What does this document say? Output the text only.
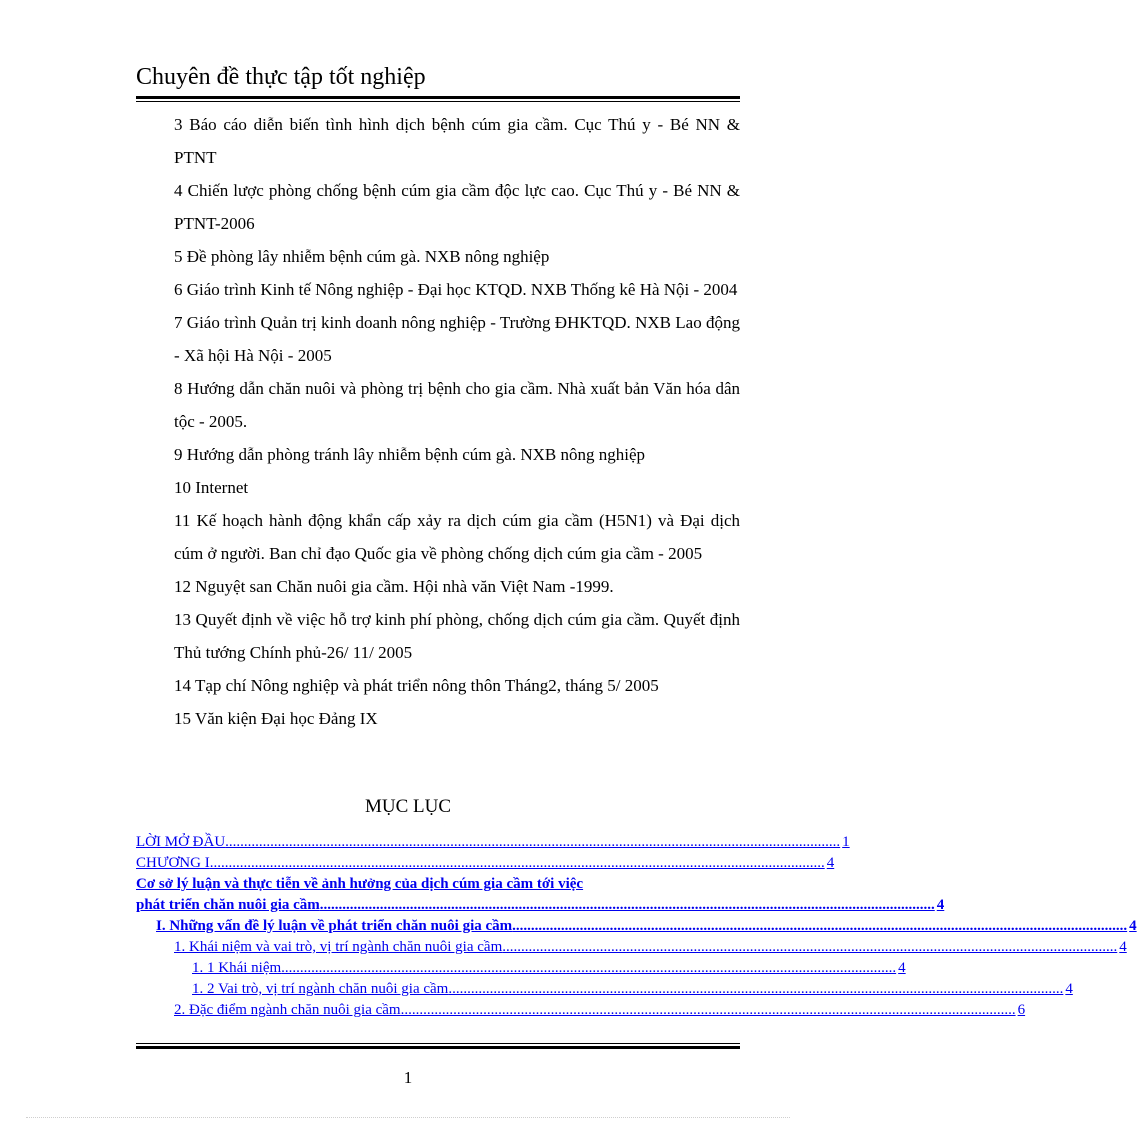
Chuyên đề thực tập tốt nghiệp

3 Báo cáo diễn biến tình hình dịch bệnh cúm gia cầm. Cục Thú y - Bé NN & PTNT

4 Chiến lược phòng chống bệnh cúm gia cầm độc lực cao. Cục Thú y - Bé NN & PTNT-2006

5 Đề phòng lây nhiễm bệnh cúm gà. NXB nông nghiệp

6 Giáo trình Kinh tế Nông nghiệp - Đại học KTQD. NXB Thống kê Hà Nội - 2004

7 Giáo trình Quản trị kinh doanh nông nghiệp - Trường ĐHKTQD. NXB Lao động - Xã hội Hà Nội - 2005

8 Hướng dẫn chăn nuôi và phòng trị bệnh cho gia cầm. Nhà xuất bản Văn hóa dân tộc - 2005.

9 Hướng dẫn phòng tránh lây nhiễm bệnh cúm gà. NXB nông nghiệp

10 Internet

11 Kế hoạch hành động khẩn cấp xảy ra dịch cúm gia cầm (H5N1) và Đại dịch cúm ở người. Ban chỉ đạo Quốc gia về phòng chống dịch cúm gia cầm - 2005

12 Nguyệt san Chăn nuôi gia cầm. Hội nhà văn Việt Nam -1999.

13 Quyết định về việc hỗ trợ kinh phí phòng, chống dịch cúm gia cầm. Quyết định Thủ tướng Chính phủ-26/ 11/ 2005

14 Tạp chí Nông nghiệp và phát triển nông thôn Tháng2, tháng 5/ 2005

15 Văn kiện Đại học Đảng IX

MỤC LỤC
LỜI MỞ ĐẦU .................................................................................................................................................................... 1
CHƯƠNG I .................................................................................................................................................................... 4
Cơ sở lý luận và thực tiễn về ảnh hưởng của dịch cúm gia cầm tới việc
phát triển chăn nuôi gia cầm .................................................................................................................................................................... 4
I. Những vấn đề lý luận về phát triển chăn nuôi gia cầm .................................................................................................................................................................... 4
1. Khái niệm và vai trò, vị trí ngành chăn nuôi gia cầm .................................................................................................................................................................... 4
1. 1 Khái niệm .................................................................................................................................................................... 4
1. 2 Vai trò, vị trí ngành chăn nuôi gia cầm .................................................................................................................................................................... 4
2. Đặc điểm ngành chăn nuôi gia cầm .................................................................................................................................................................... 6
1
